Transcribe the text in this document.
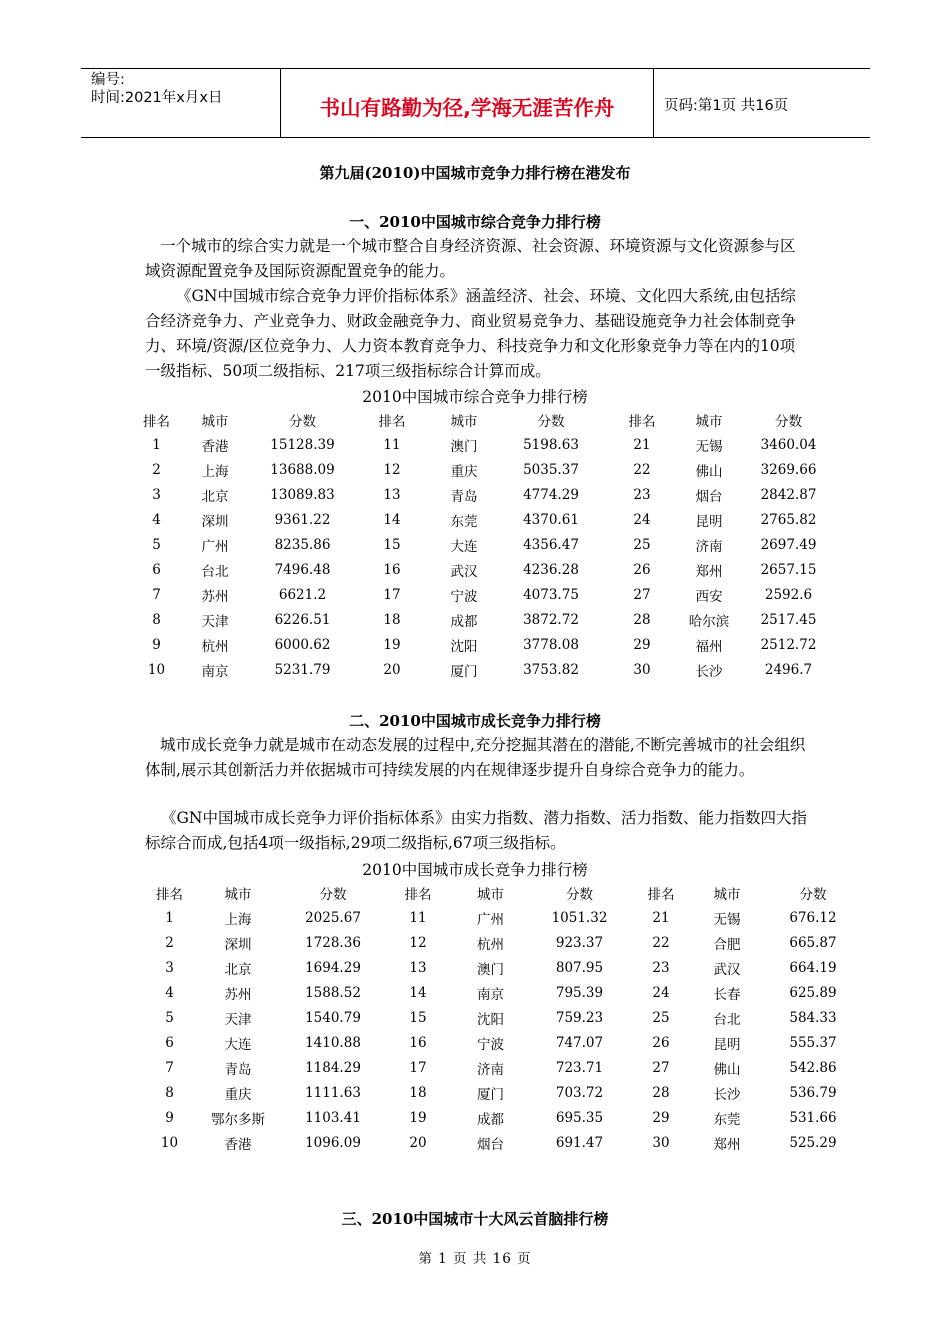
编号:
时间:2021年x月x日	书山有路勤为径,学海无涯苦作舟	页码:第1页 共16页
第九届(2010)中国城市竞争力排行榜在港发布
一、2010中国城市综合竞争力排行榜

一个城市的综合实力就是一个城市整合自身经济资源、社会资源、环境资源与文化资源参与区域资源配置竞争及国际资源配置竞争的能力。

《GN中国城市综合竞争力评价指标体系》涵盖经济、社会、环境、文化四大系统,由包括综合经济竞争力、产业竞争力、财政金融竞争力、商业贸易竞争力、基础设施竞争力社会体制竞争力、环境/资源/区位竞争力、人力资本教育竞争力、科技竞争力和文化形象竞争力等在内的10项一级指标、50项二级指标、217项三级指标综合计算而成。

2010中国城市综合竞争力排行榜
排名	城市	分数	排名	城市	分数	排名	城市	分数
1	香港	15128.39	11	澳门	5198.63	21	无锡	3460.04
2	上海	13688.09	12	重庆	5035.37	22	佛山	3269.66
3	北京	13089.83	13	青岛	4774.29	23	烟台	2842.87
4	深圳	9361.22	14	东莞	4370.61	24	昆明	2765.82
5	广州	8235.86	15	大连	4356.47	25	济南	2697.49
6	台北	7496.48	16	武汉	4236.28	26	郑州	2657.15
7	苏州	6621.2	17	宁波	4073.75	27	西安	2592.6
8	天津	6226.51	18	成都	3872.72	28	哈尔滨	2517.45
9	杭州	6000.62	19	沈阳	3778.08	29	福州	2512.72
10	南京	5231.79	20	厦门	3753.82	30	长沙	2496.7
二、2010中国城市成长竞争力排行榜

城市成长竞争力就是城市在动态发展的过程中,充分挖掘其潜在的潜能,不断完善城市的社会组织体制,展示其创新活力并依据城市可持续发展的内在规律逐步提升自身综合竞争力的能力。

《GN中国城市成长竞争力评价指标体系》由实力指数、潜力指数、活力指数、能力指数四大指标综合而成,包括4项一级指标,29项二级指标,67项三级指标。

2010中国城市成长竞争力排行榜
排名	城市	分数	排名	城市	分数	排名	城市	分数
1	上海	2025.67	11	广州	1051.32	21	无锡	676.12
2	深圳	1728.36	12	杭州	923.37	22	合肥	665.87
3	北京	1694.29	13	澳门	807.95	23	武汉	664.19
4	苏州	1588.52	14	南京	795.39	24	长春	625.89
5	天津	1540.79	15	沈阳	759.23	25	台北	584.33
6	大连	1410.88	16	宁波	747.07	26	昆明	555.37
7	青岛	1184.29	17	济南	723.71	27	佛山	542.86
8	重庆	1111.63	18	厦门	703.72	28	长沙	536.79
9	鄂尔多斯	1103.41	19	成都	695.35	29	东莞	531.66
10	香港	1096.09	20	烟台	691.47	30	郑州	525.29
三、2010中国城市十大风云首脑排行榜
第 1 页 共 16 页
